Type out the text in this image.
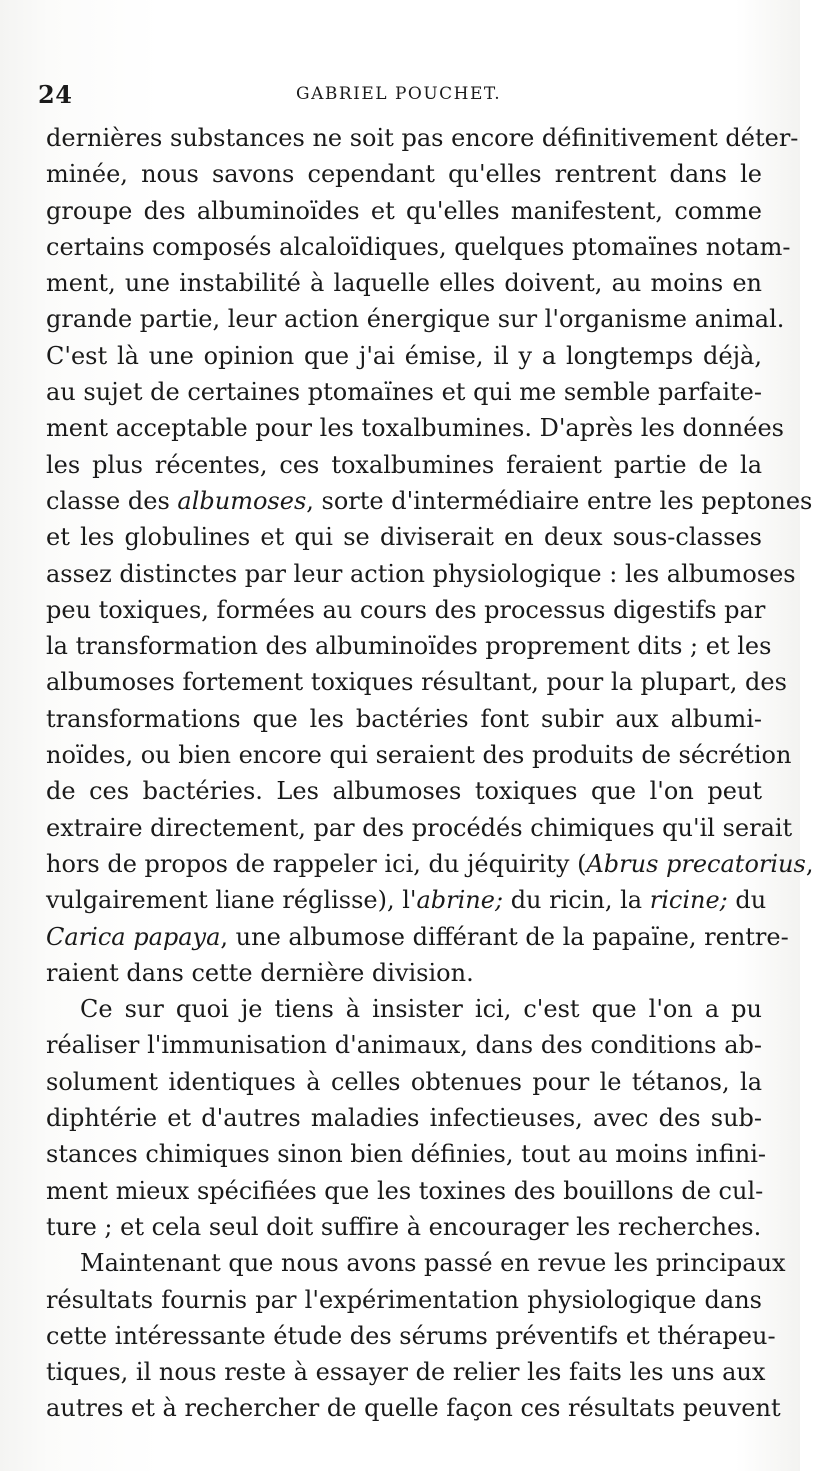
24	GABRIEL POUCHET.
dernières substances ne soit pas encore définitivement déter-
minée, nous savons cependant qu'elles rentrent dans le
groupe des albuminoïdes et qu'elles manifestent, comme
certains composés alcaloïdiques, quelques ptomaïnes notam-
ment, une instabilité à laquelle elles doivent, au moins en
grande partie, leur action énergique sur l'organisme animal.
C'est là une opinion que j'ai émise, il y a longtemps déjà,
au sujet de certaines ptomaïnes et qui me semble parfaite-
ment acceptable pour les toxalbumines. D'après les données
les plus récentes, ces toxalbumines feraient partie de la
classe des albumoses, sorte d'intermédiaire entre les peptones
et les globulines et qui se diviserait en deux sous-classes
assez distinctes par leur action physiologique : les albumoses
peu toxiques, formées au cours des processus digestifs par
la transformation des albuminoïdes proprement dits ; et les
albumoses fortement toxiques résultant, pour la plupart, des
transformations que les bactéries font subir aux albumi-
noïdes, ou bien encore qui seraient des produits de sécrétion
de ces bactéries. Les albumoses toxiques que l'on peut
extraire directement, par des procédés chimiques qu'il serait
hors de propos de rappeler ici, du jéquirity (Abrus precatorius,
vulgairement liane réglisse), l'abrine; du ricin, la ricine; du
Carica papaya, une albumose différant de la papaïne, rentre-
raient dans cette dernière division.
Ce sur quoi je tiens à insister ici, c'est que l'on a pu
réaliser l'immunisation d'animaux, dans des conditions ab-
solument identiques à celles obtenues pour le tétanos, la
diphtérie et d'autres maladies infectieuses, avec des sub-
stances chimiques sinon bien définies, tout au moins infini-
ment mieux spécifiées que les toxines des bouillons de cul-
ture ; et cela seul doit suffire à encourager les recherches.
Maintenant que nous avons passé en revue les principaux
résultats fournis par l'expérimentation physiologique dans
cette intéressante étude des sérums préventifs et thérapeu-
tiques, il nous reste à essayer de relier les faits les uns aux
autres et à rechercher de quelle façon ces résultats peuvent
